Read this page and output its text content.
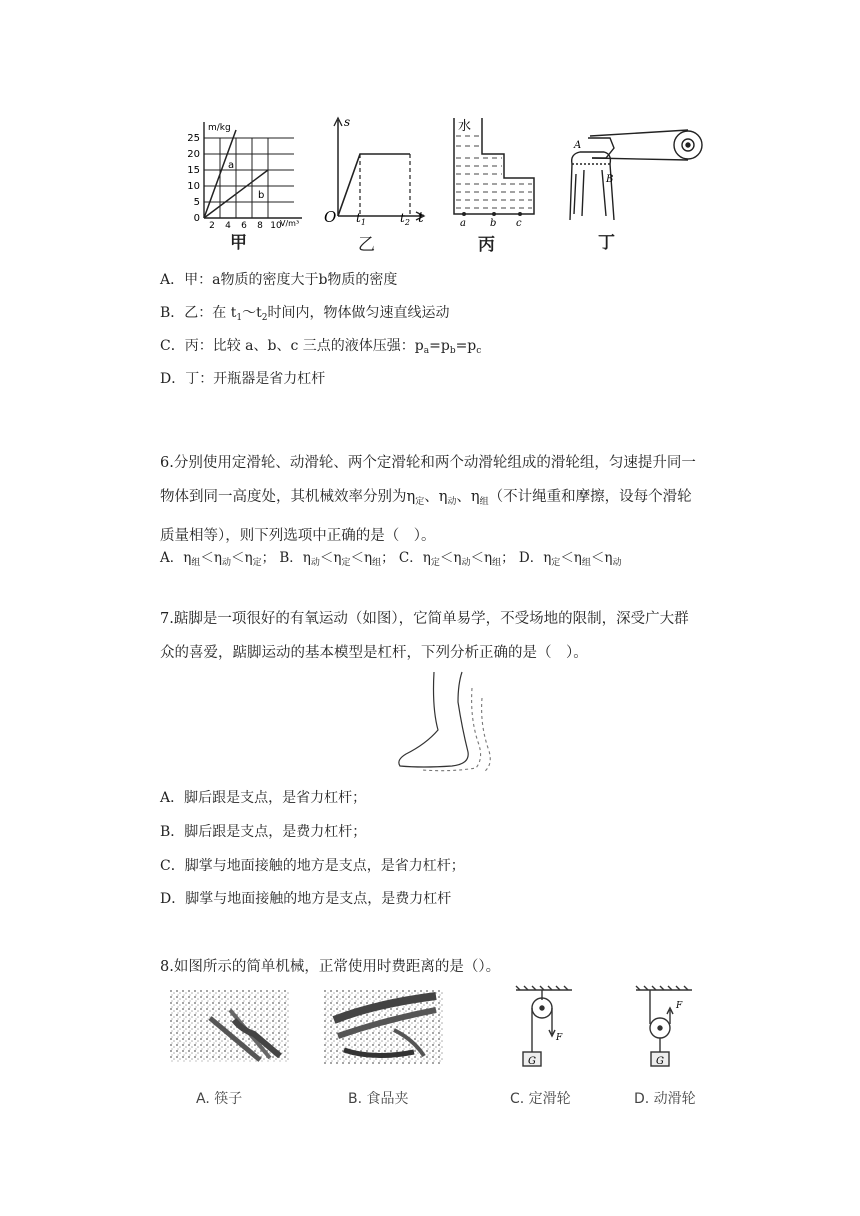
m/kg
V/m³
25
20
15
10
5
0
2 4 6 8 10
a
b
甲
s
O $t_1$	$t_2$ t
乙
水
a b c
丙
A
B
丁
A．甲：a物质的密度大于b物质的密度
B．乙：在 $t_1\sim t_2$时间内，物体做匀速直线运动
C．丙：比较 a、b、c 三点的液体压强：$p_a=p_b=p_c$
D．丁：开瓶器是省力杠杆
6.分别使用定滑轮、动滑轮、两个定滑轮和两个动滑轮组成的滑轮组，匀速提升同一物体到同一高度处，其机械效率分别为$\eta_定$、$\eta_动$、$\eta_组$（不计绳重和摩擦，设每个滑轮质量相等），则下列选项中正确的是（　）。
A．$\eta_组<\eta_动<\eta_定$； B．$\eta_动<\eta_定<\eta_组$； C．$\eta_定<\eta_动<\eta_组$； D．$\eta_定<\eta_组<\eta_动$
7.踮脚是一项很好的有氧运动（如图），它简单易学，不受场地的限制，深受广大群众的喜爱，踮脚运动的基本模型是杠杆，下列分析正确的是（　）。
A．脚后跟是支点，是省力杠杆；
B．脚后跟是支点，是费力杠杆；
C．脚掌与地面接触的地方是支点，是省力杠杆；
D．脚掌与地面接触的地方是支点，是费力杠杆
8.如图所示的简单机械，正常使用时费距离的是（）。
A. 筷子	B. 食品夹
G
F
C. 定滑轮
G
F
D. 动滑轮
